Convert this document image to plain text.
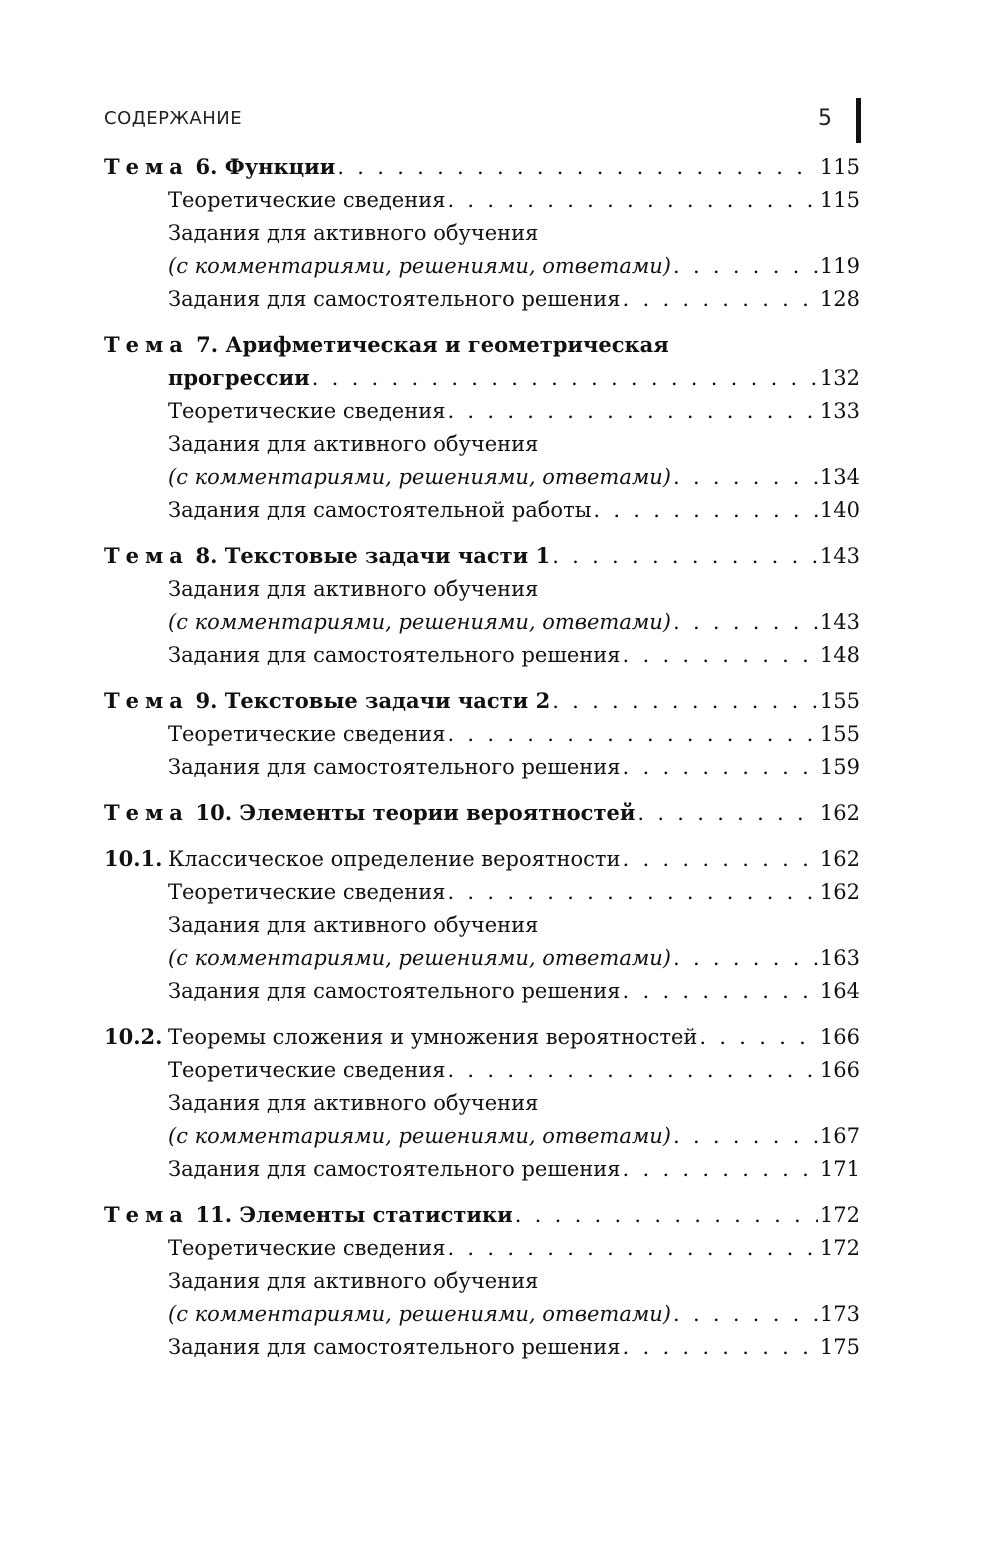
СОДЕРЖАНИЕ	5
Тема 6. Функции . . .	115
Теоретические сведения . . .	115
Задания для активного обучения
(с комментариями, решениями, ответами) . . .	119
Задания для самостоятельного решения . . .	128
Тема 7. Арифметическая и геометрическая
прогрессии . . .	132
Теоретические сведения . . .	133
Задания для активного обучения
(с комментариями, решениями, ответами) . . .	134
Задания для самостоятельной работы . . .	140
Тема 8. Текстовые задачи части 1 . . .	143
Задания для активного обучения
(с комментариями, решениями, ответами) . . .	143
Задания для самостоятельного решения . . .	148
Тема 9. Текстовые задачи части 2 . . .	155
Теоретические сведения . . .	155
Задания для самостоятельного решения . . .	159
Тема 10. Элементы теории вероятностей . . .	162
10.1. Классическое определение вероятности . . .	162
Теоретические сведения . . .	162
Задания для активного обучения
(с комментариями, решениями, ответами) . . .	163
Задания для самостоятельного решения . . .	164
10.2. Теоремы сложения и умножения вероятностей . . .	166
Теоретические сведения . . .	166
Задания для активного обучения
(с комментариями, решениями, ответами) . . .	167
Задания для самостоятельного решения . . .	171
Тема 11. Элементы статистики . . .	172
Теоретические сведения . . .	172
Задания для активного обучения
(с комментариями, решениями, ответами) . . .	173
Задания для самостоятельного решения . . .	175
